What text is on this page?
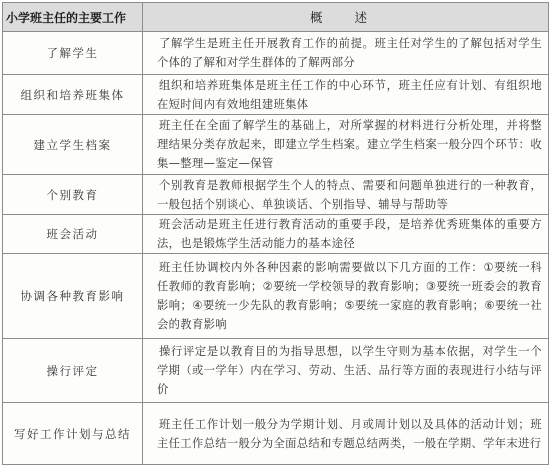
小学班主任的主要工作	概 述
了解学生	了解学生是班主任开展教育工作的前提。班主任对学生的了解包括对学生个体的了解和对学生群体的了解两部分

组织和培养班集体	组织和培养班集体是班主任工作的中心环节，班主任应有计划、有组织地在短时间内有效地组建班集体

建立学生档案	班主任在全面了解学生的基础上，对所掌握的材料进行分析处理，并将整理结果分类存放起来，即建立学生档案。建立学生档案一般分四个环节：收集—整理—鉴定—保管

个别教育	个别教育是教师根据学生个人的特点、需要和问题单独进行的一种教育，一般包括个别谈心、单独谈话、个别指导、辅导与帮助等

班会活动	班会活动是班主任进行教育活动的重要手段，是培养优秀班集体的重要方法，也是锻炼学生活动能力的基本途径

协调各种教育影响	班主任协调校内外各种因素的影响需要做以下几方面的工作：①要统一科任教师的教育影响；②要统一学校领导的教育影响；③要统一班委会的教育影响；④要统一少先队的教育影响；⑤要统一家庭的教育影响；⑥要统一社会的教育影响

操行评定	操行评定是以教育目的为指导思想，以学生守则为基本依据，对学生一个学期（或一学年）内在学习、劳动、生活、品行等方面的表现进行小结与评价

写好工作计划与总结	班主任工作计划一般分为学期计划、月或周计划以及具体的活动计划；班主任工作总结一般分为全面总结和专题总结两类，一般在学期、学年末进行
